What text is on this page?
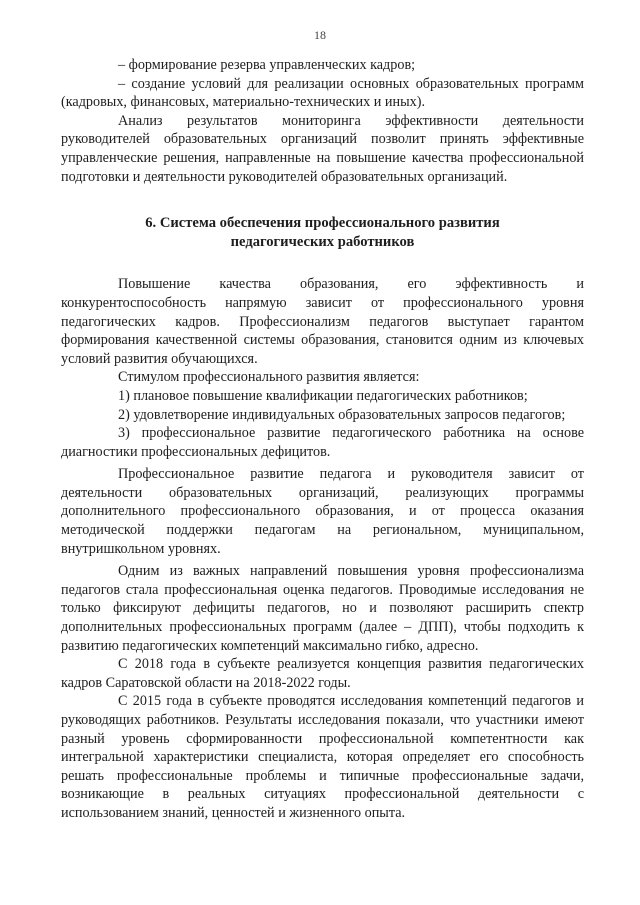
18

– формирование резерва управленческих кадров;

– создание условий для реализации основных образовательных программ (кадровых, финансовых, материально-технических и иных).

Анализ результатов мониторинга эффективности деятельности руководителей образовательных организаций позволит принять эффективные управленческие решения, направленные на повышение качества профессиональной подготовки и деятельности руководителей образовательных организаций.

6. Система обеспечения профессионального развития
педагогических работников

Повышение качества образования, его эффективность и конкурентоспособность напрямую зависит от профессионального уровня педагогических кадров. Профессионализм педагогов выступает гарантом формирования качественной системы образования, становится одним из ключевых условий развития обучающихся.

Стимулом профессионального развития является:

1) плановое повышение квалификации педагогических работников;

2) удовлетворение индивидуальных образовательных запросов педагогов;

3) профессиональное развитие педагогического работника на основе диагностики профессиональных дефицитов.

Профессиональное развитие педагога и руководителя зависит от деятельности образовательных организаций, реализующих программы дополнительного профессионального образования, и от процесса оказания методической поддержки педагогам на региональном, муниципальном, внутришкольном уровнях.

Одним из важных направлений повышения уровня профессионализма педагогов стала профессиональная оценка педагогов. Проводимые исследования не только фиксируют дефициты педагогов, но и позволяют расширить спектр дополнительных профессиональных программ (далее – ДПП), чтобы подходить к развитию педагогических компетенций максимально гибко, адресно.

С 2018 года в субъекте реализуется концепция развития педагогических кадров Саратовской области на 2018-2022 годы.

С 2015 года в субъекте проводятся исследования компетенций педагогов и руководящих работников. Результаты исследования показали, что участники имеют разный уровень сформированности профессиональной компетентности как интегральной характеристики специалиста, которая определяет его способность решать профессиональные проблемы и типичные профессиональные задачи, возникающие в реальных ситуациях профессиональной деятельности с использованием знаний, ценностей и жизненного опыта.
